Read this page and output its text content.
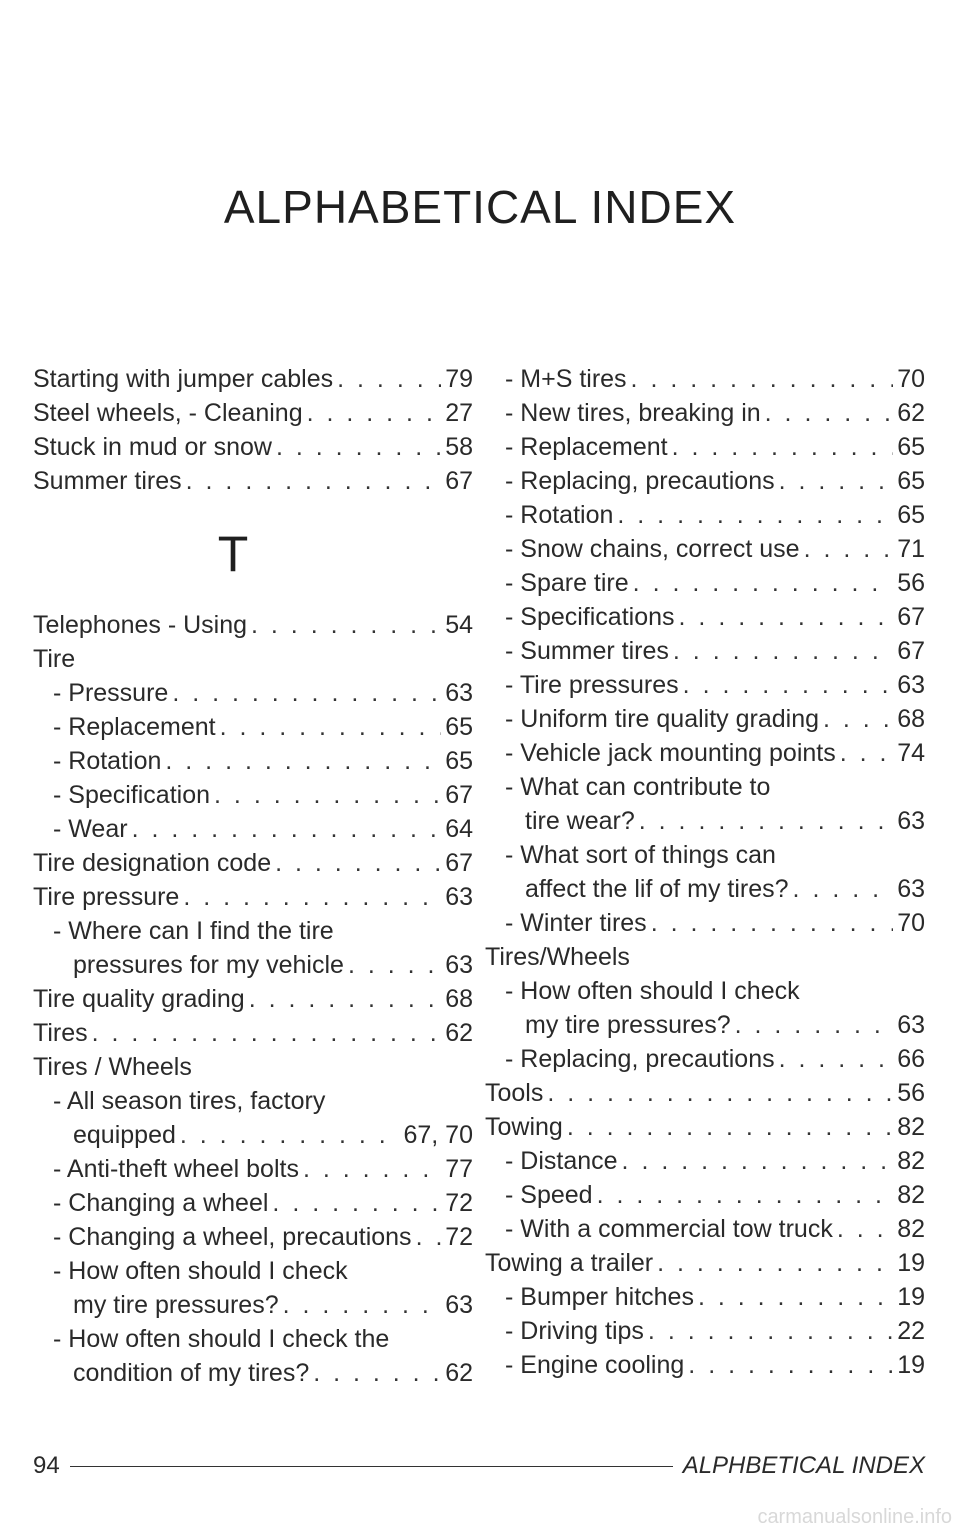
ALPHABETICAL INDEX
Starting with jumper cables . . .	79
Steel wheels, - Cleaning . . .	27
Stuck in mud or snow . . .	58
Summer tires . . .	67
T
Telephones - Using . . .	54
Tire
- Pressure . . .	63
- Replacement . . .	65
- Rotation . . .	65
- Specification . . .	67
- Wear . . .	64
Tire designation code . . .	67
Tire pressure . . .	63
- Where can I find the tire
pressures for my vehicle . . .	63
Tire quality grading . . .	68
Tires . . .	62
Tires / Wheels
- All season tires, factory
equipped . . .	67, 70
- Anti-theft wheel bolts . . .	77
- Changing a wheel . . .	72
- Changing a wheel, precautions . . . 72
- How often should I check
my tire pressures? . . .	63
- How often should I check the
condition of my tires? . . .	62
- M+S tires . . .	70
- New tires, breaking in . . .	62
- Replacement . . .	65
- Replacing, precautions . . .	65
- Rotation . . .	65
- Snow chains, correct use . . .	71
- Spare tire . . .	56
- Specifications . . .	67
- Summer tires . . .	67
- Tire pressures . . .	63
- Uniform tire quality grading . . .	68
- Vehicle jack mounting points . . . 74
- What can contribute to
tire wear? . . .	63
- What sort of things can
affect the lif of my tires? . . .	63
- Winter tires . . .	70
Tires/Wheels
- How often should I check
my tire pressures? . . .	63
- Replacing, precautions . . .	66
Tools . . .	56
Towing . . .	82
- Distance . . .	82
- Speed . . .	82
- With a commercial tow truck . . .	82
Towing a trailer . . .	19
- Bumper hitches . . .	19
- Driving tips . . .	22
- Engine cooling . . .	19
94	ALPHBETICAL INDEX
carmanualsonline.info
